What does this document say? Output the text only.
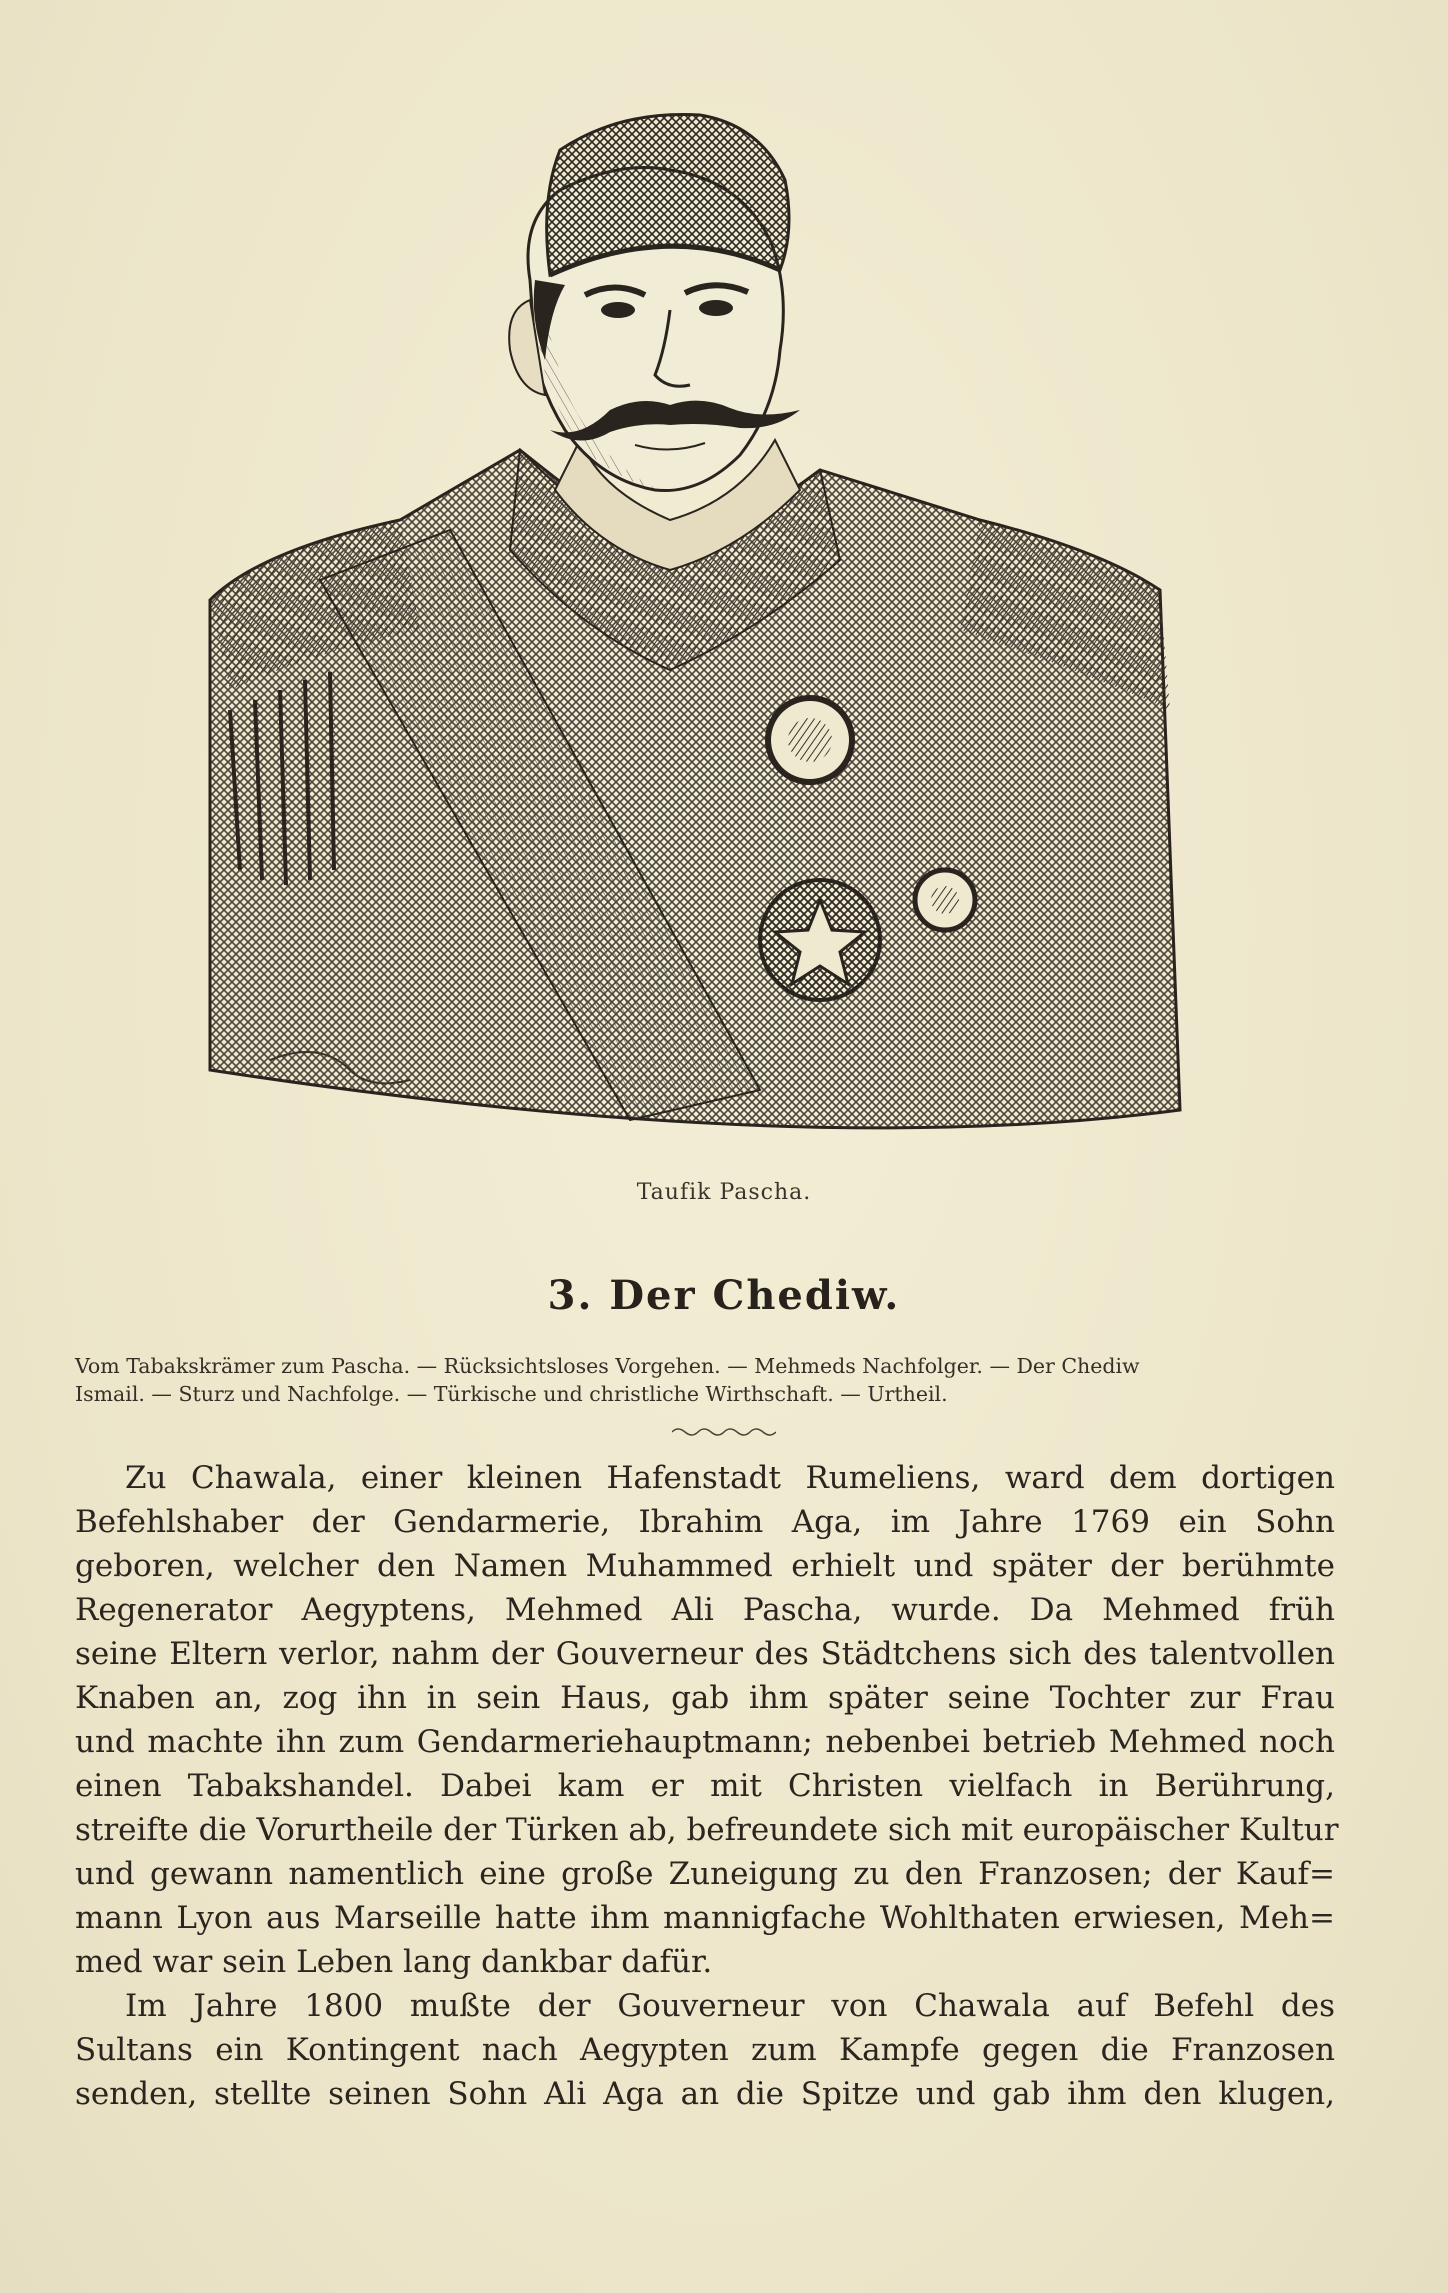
Taufik Pascha.
3. Der Chediw.
Vom Tabakskrämer zum Pascha. — Rücksichtsloses Vorgehen. — Mehmeds Nachfolger. — Der Chediw
Ismail. — Sturz und Nachfolge. — Türkische und christliche Wirthschaft. — Urtheil.
Zu Chawala, einer kleinen Hafenstadt Rumeliens, ward dem dortigen
Befehlshaber der Gendarmerie, Ibrahim Aga, im Jahre 1769 ein Sohn
geboren, welcher den Namen Muhammed erhielt und später der berühmte
Regenerator Aegyptens, Mehmed Ali Pascha, wurde. Da Mehmed früh
seine Eltern verlor, nahm der Gouverneur des Städtchens sich des talentvollen
Knaben an, zog ihn in sein Haus, gab ihm später seine Tochter zur Frau
und machte ihn zum Gendarmeriehauptmann; nebenbei betrieb Mehmed noch
einen Tabakshandel. Dabei kam er mit Christen vielfach in Berührung,
streifte die Vorurtheile der Türken ab, befreundete sich mit europäischer Kultur
und gewann namentlich eine große Zuneigung zu den Franzosen; der Kauf=
mann Lyon aus Marseille hatte ihm mannigfache Wohlthaten erwiesen, Meh=
med war sein Leben lang dankbar dafür.
Im Jahre 1800 mußte der Gouverneur von Chawala auf Befehl des
Sultans ein Kontingent nach Aegypten zum Kampfe gegen die Franzosen
senden, stellte seinen Sohn Ali Aga an die Spitze und gab ihm den klugen,
